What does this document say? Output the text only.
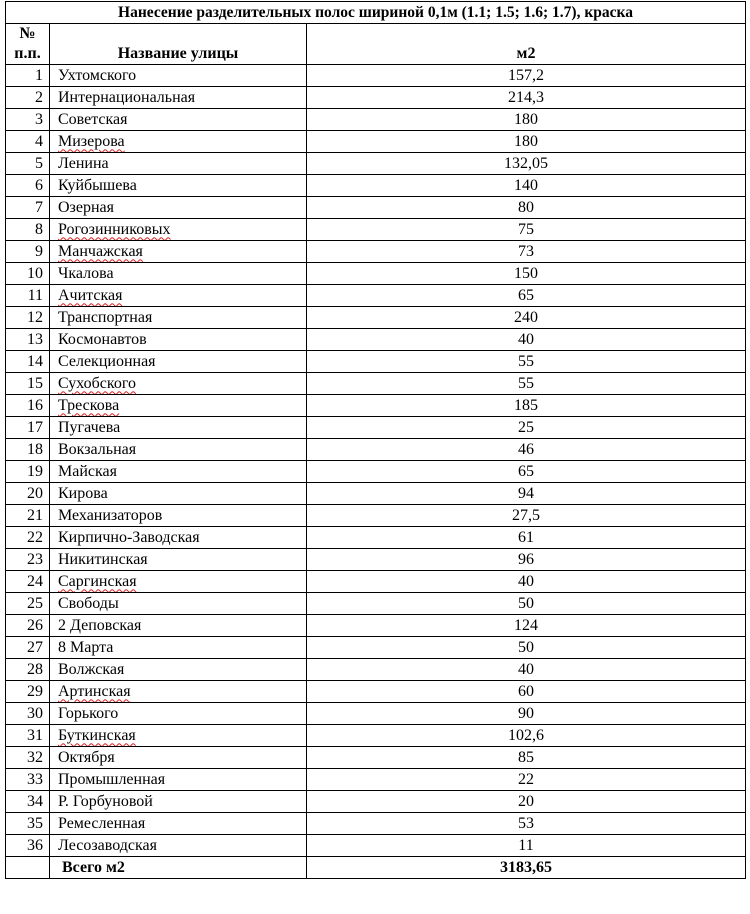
Нанесение разделительных полос шириной 0,1м (1.1; 1.5; 1.6; 1.7), краска		
№
п.п.	Название улицы	м2
1	Ухтомского	157,2
2	Интернациональная	214,3
3	Советская	180
4	Мизерова	180
5	Ленина	132,05
6	Куйбышева	140
7	Озерная	80
8	Рогозинниковых	75
9	Манчажская	73
10	Чкалова	150
11	Ачитская	65
12	Транспортная	240
13	Космонавтов	40
14	Селекционная	55
15	Сухобского	55
16	Трескова	185
17	Пугачева	25
18	Вокзальная	46
19	Майская	65
20	Кирова	94
21	Механизаторов	27,5
22	Кирпично-Заводская	61
23	Никитинская	96
24	Саргинская	40
25	Свободы	50
26	2 Деповская	124
27	8 Марта	50
28	Волжская	40
29	Артинская	60
30	Горького	90
31	Буткинская	102,6
32	Октября	85
33	Промышленная	22
34	Р. Горбуновой	20
35	Ремесленная	53
36	Лесозаводская	11
	Всего м2	3183,65
